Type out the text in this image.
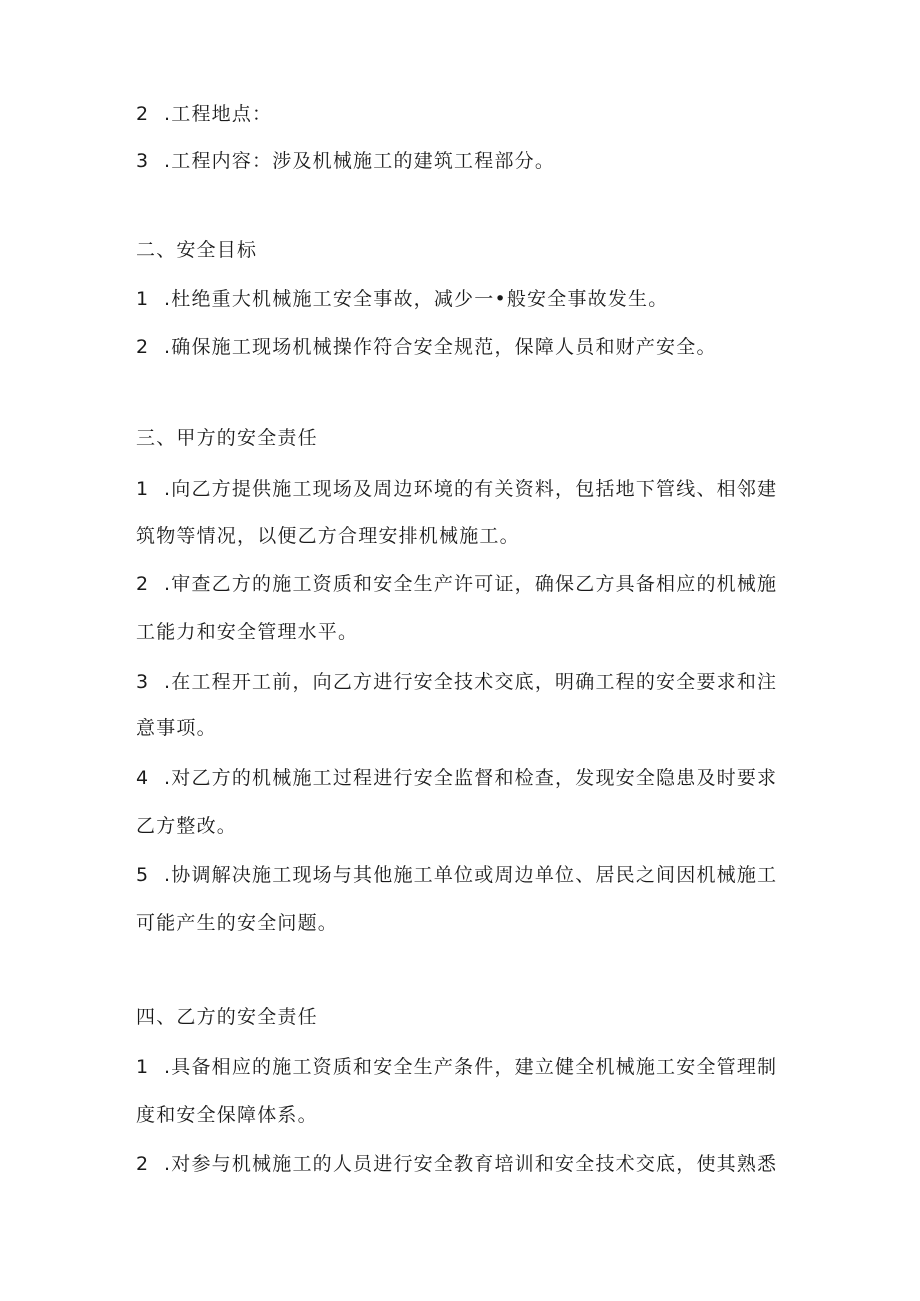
2 .工程地点：
3 .工程内容：涉及机械施工的建筑工程部分。
二、安全目标
1 .杜绝重大机械施工安全事故，减少一•般安全事故发生。
2 .确保施工现场机械操作符合安全规范，保障人员和财产安全。
三、甲方的安全责任
1 .向乙方提供施工现场及周边环境的有关资料，包括地下管线、相邻建
筑物等情况，以便乙方合理安排机械施工。
2 .审查乙方的施工资质和安全生产许可证，确保乙方具备相应的机械施
工能力和安全管理水平。
3 .在工程开工前，向乙方进行安全技术交底，明确工程的安全要求和注
意事项。
4 .对乙方的机械施工过程进行安全监督和检查，发现安全隐患及时要求
乙方整改。
5 .协调解决施工现场与其他施工单位或周边单位、居民之间因机械施工
可能产生的安全问题。
四、乙方的安全责任
1 .具备相应的施工资质和安全生产条件，建立健全机械施工安全管理制
度和安全保障体系。
2 .对参与机械施工的人员进行安全教育培训和安全技术交底，使其熟悉
